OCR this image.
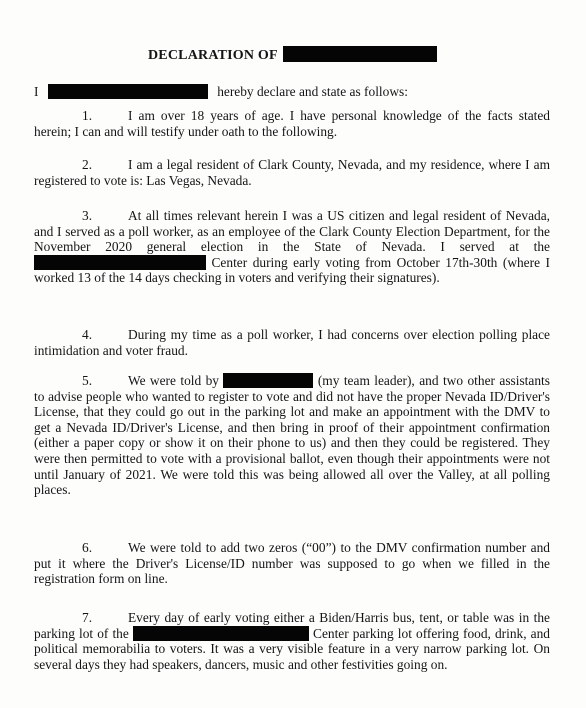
DECLARATION OF
I	hereby declare and state as follows:
1.	I am over 18 years of age. I have personal knowledge of the facts stated herein; I can and will testify under oath to the following.
2.	I am a legal resident of Clark County, Nevada, and my residence, where I am registered to vote is: Las Vegas, Nevada.
3.	At all times relevant herein I was a US citizen and legal resident of Nevada, and I served as a poll worker, as an employee of the Clark County Election Department, for the November 2020 general election in the State of Nevada. I served at the  Center during early voting from October 17th-30th (where I worked 13 of the 14 days checking in voters and verifying their signatures).
4.	During my time as a poll worker, I had concerns over election polling place intimidation and voter fraud.
5.	We were told by	(my team leader), and two other assistants to advise people who wanted to register to vote and did not have the proper Nevada ID/Driver's License, that they could go out in the parking lot and make an appointment with the DMV to get a Nevada ID/Driver's License, and then bring in proof of their appointment confirmation (either a paper copy or show it on their phone to us) and then they could be registered. They were then permitted to vote with a provisional ballot, even though their appointments were not until January of 2021. We were told this was being allowed all over the Valley, at all polling places.
6.	We were told to add two zeros (“00”) to the DMV confirmation number and put it where the Driver's License/ID number was supposed to go when we filled in the registration form on line.
7.	Every day of early voting either a Biden/Harris bus, tent, or table was in the parking lot of the	Center parking lot offering food, drink, and political memorabilia to voters. It was a very visible feature in a very narrow parking lot. On several days they had speakers, dancers, music and other festivities going on.
